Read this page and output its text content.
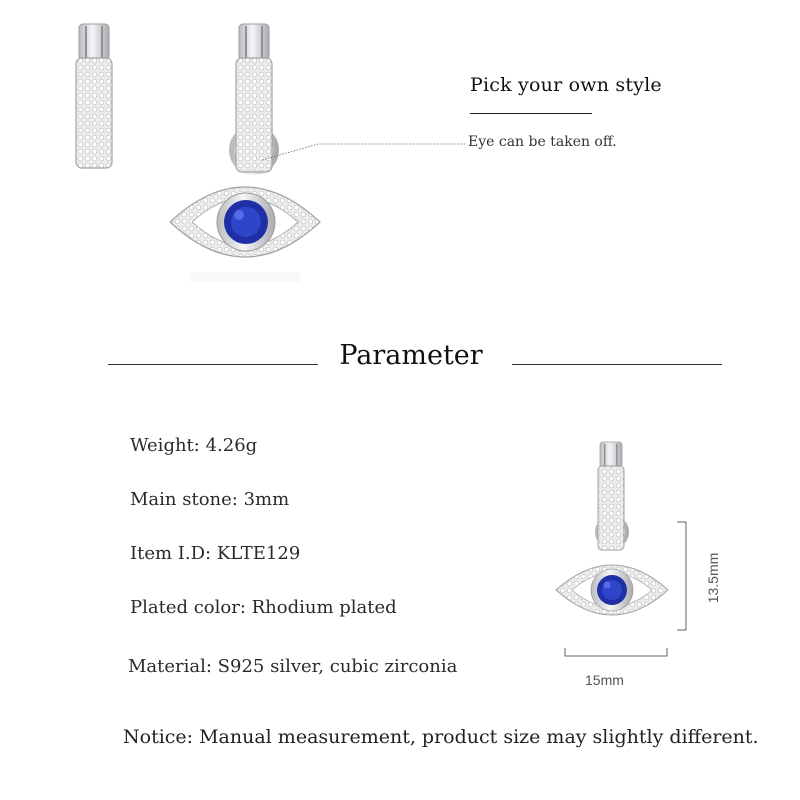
Pick your own style
Eye can be taken off.
Parameter
Weight: 4.26g
Main stone: 3mm
Item I.D: KLTE129
Plated color: Rhodium plated
Material: S925 silver, cubic zirconia
15mm
13.5mm
Notice: Manual measurement, product size may slightly different.
